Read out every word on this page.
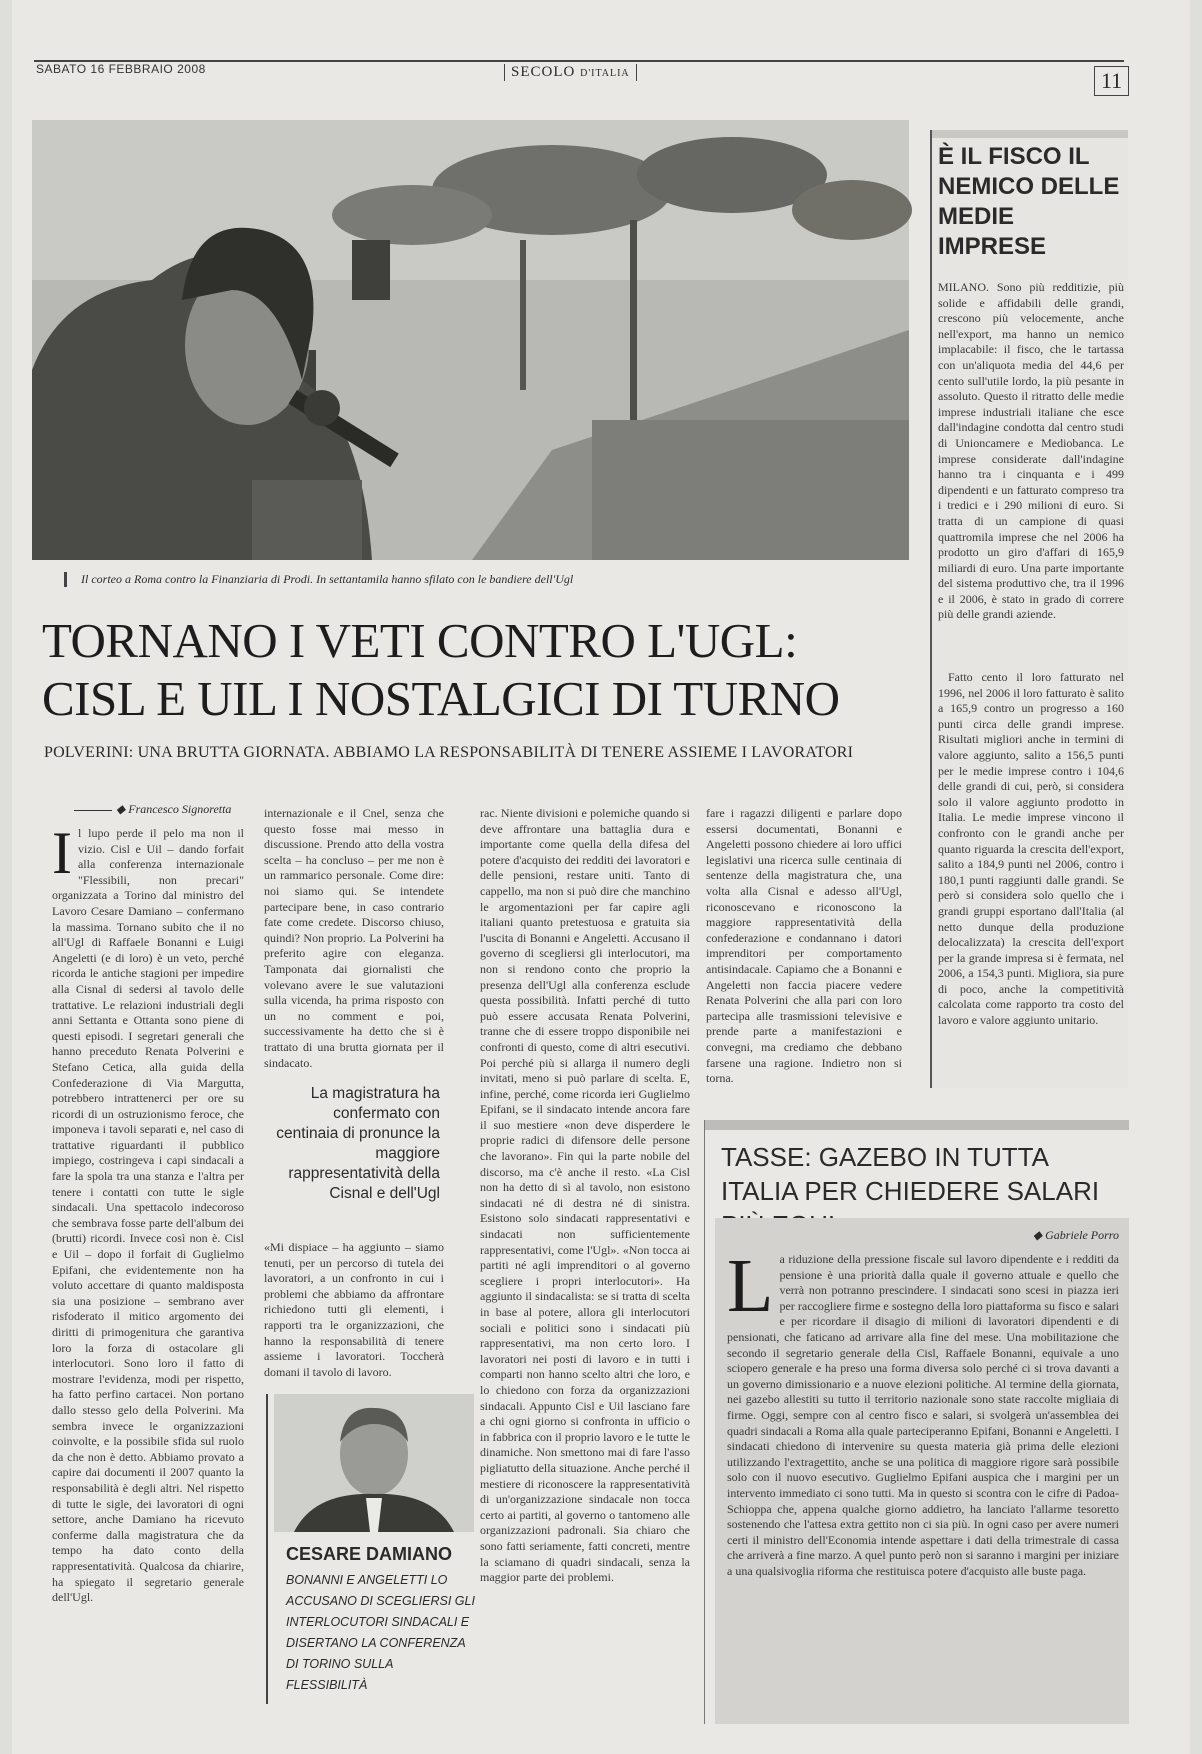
SABATO 16 FEBBRAIO 2008	SECOLO D'ITALIA	11
Il corteo a Roma contro la Finanziaria di Prodi. In settantamila hanno sfilato con le bandiere dell'Ugl
TORNANO I VETI CONTRO L'UGL:
CISL E UIL I NOSTALGICI DI TURNO
POLVERINI: UNA BRUTTA GIORNATA. ABBIAMO LA RESPONSABILITÀ DI TENERE ASSIEME I LAVORATORI
◆ Francesco Signoretta
I l lupo perde il pelo ma non il vizio. Cisl e Uil – dando forfait alla conferenza internazionale "Flessibili, non precari" organizzata a Torino dal ministro del Lavoro Cesare Damiano – confermano la massima. Tornano subito che il no all'Ugl di Raffaele Bonanni e Luigi Angeletti (e di loro) è un veto, perché ricorda le antiche stagioni per impedire alla Cisnal di sedersi al tavolo delle trattative. Le relazioni industriali degli anni Settanta e Ottanta sono piene di questi episodi. I segretari generali che hanno preceduto Renata Polverini e Stefano Cetica, alla guida della Confederazione di Via Margutta, potrebbero intrattenerci per ore su ricordi di un ostruzionismo feroce, che imponeva i tavoli separati e, nel caso di trattative riguardanti il pubblico impiego, costringeva i capi sindacali a fare la spola tra una stanza e l'altra per tenere i contatti con tutte le sigle sindacali. Una spettacolo indecoroso che sembrava fosse parte dell'album dei (brutti) ricordi. Invece così non è. Cisl e Uil – dopo il forfait di Guglielmo Epifani, che evidentemente non ha voluto accettare di quanto maldisposta sia una posizione – sembrano aver risfoderato il mitico argomento dei diritti di primogenitura che garantiva loro la forza di ostacolare gli interlocutori. Sono loro il fatto di mostrare l'evidenza, modi per rispetto, ha fatto perfino cartacei. Non portano dallo stesso gelo della Polverini. Ma sembra invece le organizzazioni coinvolte, e la possibile sfida sul ruolo da che non è detto. Abbiamo provato a capire dai documenti il 2007 quanto la responsabilità è degli altri. Nel rispetto di tutte le sigle, dei lavoratori di ogni settore, anche Damiano ha ricevuto conferme dalla magistratura che da tempo ha dato conto della rappresentatività. Qualcosa da chiarire, ha spiegato il segretario generale dell'Ugl.
internazionale e il Cnel, senza che questo fosse mai messo in discussione. Prendo atto della vostra scelta – ha concluso – per me non è un rammarico personale. Come dire: noi siamo qui. Se intendete partecipare bene, in caso contrario fate come credete. Discorso chiuso, quindi? Non proprio. La Polverini ha preferito agire con eleganza. Tamponata dai giornalisti che volevano avere le sue valutazioni sulla vicenda, ha prima risposto con un no comment e poi, successivamente ha detto che si è trattato di una brutta giornata per il sindacato.
La magistratura ha confermato con centinaia di pronunce la maggiore rappresentatività della Cisnal e dell'Ugl
«Mi dispiace – ha aggiunto – siamo tenuti, per un percorso di tutela dei lavoratori, a un confronto in cui i problemi che abbiamo da affrontare richiedono tutti gli elementi, i rapporti tra le organizzazioni, che hanno la responsabilità di tenere assieme i lavoratori. Toccherà domani il tavolo di lavoro.
CESARE DAMIANO
BONANNI E ANGELETTI LO ACCUSANO DI SCEGLIERSI GLI INTERLOCUTORI SINDACALI E DISERTANO LA CONFERENZA DI TORINO SULLA FLESSIBILITÀ
rac. Niente divisioni e polemiche quando si deve affrontare una battaglia dura e importante come quella della difesa del potere d'acquisto dei redditi dei lavoratori e delle pensioni, restare uniti. Tanto di cappello, ma non si può dire che manchino le argomentazioni per far capire agli italiani quanto pretestuosa e gratuita sia l'uscita di Bonanni e Angeletti. Accusano il governo di scegliersi gli interlocutori, ma non si rendono conto che proprio la presenza dell'Ugl alla conferenza esclude questa possibilità. Infatti perché di tutto può essere accusata Renata Polverini, tranne che di essere troppo disponibile nei confronti di questo, come di altri esecutivi. Poi perché più si allarga il numero degli invitati, meno si può parlare di scelta. E, infine, perché, come ricorda ieri Guglielmo Epifani, se il sindacato intende ancora fare il suo mestiere «non deve disperdere le proprie radici di difensore delle persone che lavorano». Fin qui la parte nobile del discorso, ma c'è anche il resto. «La Cisl non ha detto di sì al tavolo, non esistono sindacati né di destra né di sinistra. Esistono solo sindacati rappresentativi e sindacati non sufficientemente rappresentativi, come l'Ugl». «Non tocca ai partiti né agli imprenditori o al governo scegliere i propri interlocutori». Ha aggiunto il sindacalista: se si tratta di scelta in base al potere, allora gli interlocutori sociali e politici sono i sindacati più rappresentativi, ma non certo loro. I lavoratori nei posti di lavoro e in tutti i comparti non hanno scelto altri che loro, e lo chiedono con forza da organizzazioni sindacali. Appunto Cisl e Uil lasciano fare a chi ogni giorno si confronta in ufficio o in fabbrica con il proprio lavoro e le tutte le dinamiche. Non smettono mai di fare l'asso pigliatutto della situazione. Anche perché il mestiere di riconoscere la rappresentatività di un'organizzazione sindacale non tocca certo ai partiti, al governo o tantomeno alle organizzazioni padronali. Sia chiaro che sono fatti seriamente, fatti concreti, mentre la sciamano di quadri sindacali, senza la maggior parte dei problemi.
fare i ragazzi diligenti e parlare dopo essersi documentati, Bonanni e Angeletti possono chiedere ai loro uffici legislativi una ricerca sulle centinaia di sentenze della magistratura che, una volta alla Cisnal e adesso all'Ugl, riconoscevano e riconoscono la maggiore rappresentatività della confederazione e condannano i datori imprenditori per comportamento antisindacale. Capiamo che a Bonanni e Angeletti non faccia piacere vedere Renata Polverini che alla pari con loro partecipa alle trasmissioni televisive e prende parte a manifestazioni e convegni, ma crediamo che debbano farsene una ragione. Indietro non si torna.
È IL FISCO IL NEMICO DELLE MEDIE IMPRESE
MILANO. Sono più redditizie, più solide e affidabili delle grandi, crescono più velocemente, anche nell'export, ma hanno un nemico implacabile: il fisco, che le tartassa con un'aliquota media del 44,6 per cento sull'utile lordo, la più pesante in assoluto. Questo il ritratto delle medie imprese industriali italiane che esce dall'indagine condotta dal centro studi di Unioncamere e Mediobanca. Le imprese considerate dall'indagine hanno tra i cinquanta e i 499 dipendenti e un fatturato compreso tra i tredici e i 290 milioni di euro. Si tratta di un campione di quasi quattromila imprese che nel 2006 ha prodotto un giro d'affari di 165,9 miliardi di euro. Una parte importante del sistema produttivo che, tra il 1996 e il 2006, è stato in grado di correre più delle grandi aziende.
Fatto cento il loro fatturato nel 1996, nel 2006 il loro fatturato è salito a 165,9 contro un progresso a 160 punti circa delle grandi imprese. Risultati migliori anche in termini di valore aggiunto, salito a 156,5 punti per le medie imprese contro i 104,6 delle grandi di cui, però, si considera solo il valore aggiunto prodotto in Italia. Le medie imprese vincono il confronto con le grandi anche per quanto riguarda la crescita dell'export, salito a 184,9 punti nel 2006, contro i 180,1 punti raggiunti dalle grandi. Se però si considera solo quello che i grandi gruppi esportano dall'Italia (al netto dunque della produzione delocalizzata) la crescita dell'export per la grande impresa si è fermata, nel 2006, a 154,3 punti. Migliora, sia pure di poco, anche la competitività calcolata come rapporto tra costo del lavoro e valore aggiunto unitario.
TASSE: GAZEBO IN TUTTA ITALIA PER CHIEDERE SALARI
◆ Gabriele Porro
L a riduzione della pressione fiscale sul lavoro dipendente e i redditi da pensione è una priorità dalla quale il governo attuale e quello che verrà non potranno prescindere. I sindacati sono scesi in piazza ieri per raccogliere firme e sostegno della loro piattaforma su fisco e salari e per ricordare il disagio di milioni di lavoratori dipendenti e di pensionati, che faticano ad arrivare alla fine del mese. Una mobilitazione che secondo il segretario generale della Cisl, Raffaele Bonanni, equivale a uno sciopero generale e ha preso una forma diversa solo perché ci si trova davanti a un governo dimissionario e a nuove elezioni politiche. Al termine della giornata, nei gazebo allestiti su tutto il territorio nazionale sono state raccolte migliaia di firme. Oggi, sempre con al centro fisco e salari, si svolgerà un'assemblea dei quadri sindacali a Roma alla quale parteciperanno Epifani, Bonanni e Angeletti. I sindacati chiedono di intervenire su questa materia già prima delle elezioni utilizzando l'extragettito, anche se una politica di maggiore rigore sarà possibile solo con il nuovo esecutivo. Guglielmo Epifani auspica che i margini per un intervento immediato ci sono tutti. Ma in questo si scontra con le cifre di Padoa-Schioppa che, appena qualche giorno addietro, ha lanciato l'allarme tesoretto sostenendo che l'attesa extra gettito non ci sia più. In ogni caso per avere numeri certi il ministro dell'Economia intende aspettare i dati della trimestrale di cassa che arriverà a fine marzo. A quel punto però non si saranno i margini per iniziare a una qualsivoglia riforma che restituisca potere d'acquisto alle buste paga.
